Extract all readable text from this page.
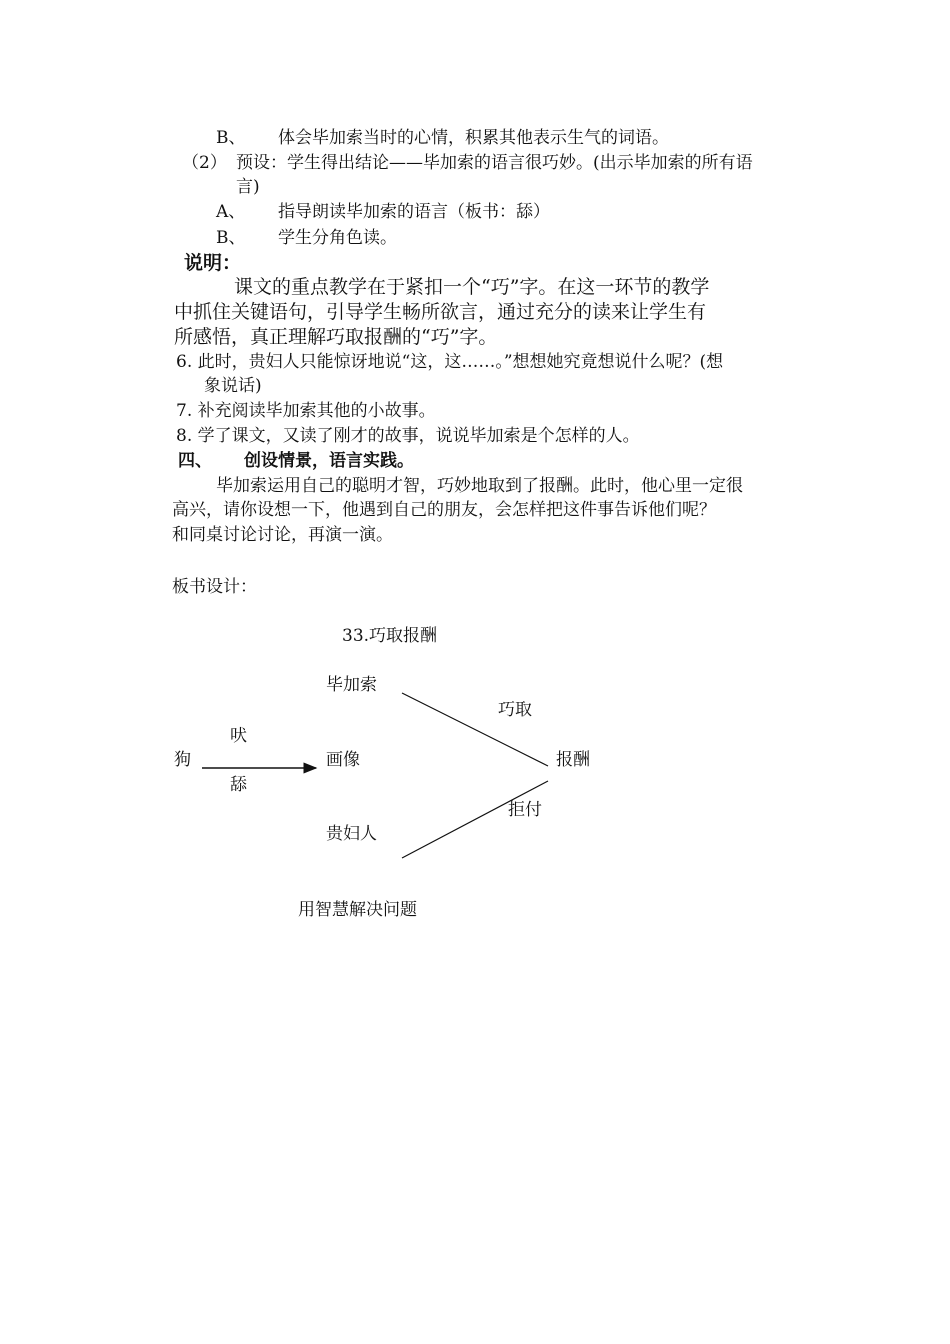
B、 体会毕加索当时的心情，积累其他表示生气的词语。
（2） 预设：学生得出结论——毕加索的语言很巧妙。(出示毕加索的所有语
言)
A、 指导朗读毕加索的语言（板书：舔）
B、 学生分角色读。
说明：
课文的重点教学在于紧扣一个“巧”字。在这一环节的教学
中抓住关键语句，引导学生畅所欲言，通过充分的读来让学生有
所感悟，真正理解巧取报酬的“巧”字。
6. 此时，贵妇人只能惊讶地说“这，这……。”想想她究竟想说什么呢？(想
象说话)
7. 补充阅读毕加索其他的小故事。
8. 学了课文，又读了刚才的故事，说说毕加索是个怎样的人。
四、 创设情景，语言实践。
毕加索运用自己的聪明才智，巧妙地取到了报酬。此时，他心里一定很
高兴，请你设想一下，他遇到自己的朋友，会怎样把这件事告诉他们呢？
和同桌讨论讨论，再演一演。
板书设计：
33.巧取报酬
毕加索
巧取
吠
狗	画像	报酬
舔
拒付
贵妇人
用智慧解决问题
